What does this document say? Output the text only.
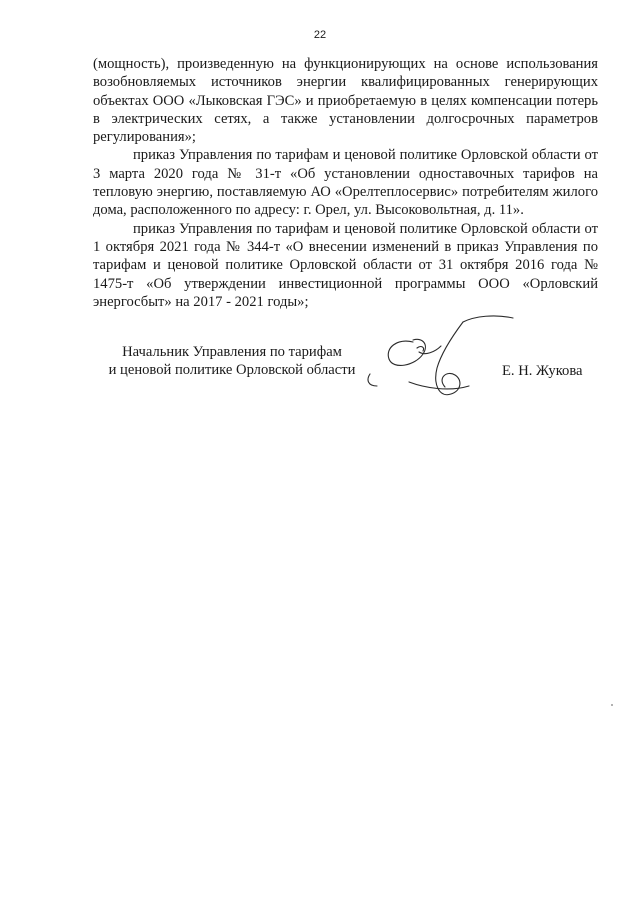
22

(мощность), произведенную на функционирующих на основе использования возобновляемых источников энергии квалифицированных генерирующих объектах ООО «Лыковская ГЭС» и приобретаемую в целях компенсации потерь в электрических сетях, а также установлении долгосрочных параметров регулирования»;

приказ Управления по тарифам и ценовой политике Орловской области от 3 марта 2020 года № 31-т «Об установлении одноставочных тарифов на тепловую энергию, поставляемую АО «Орелтеплосервис» потребителям жилого дома, расположенного по адресу: г. Орел, ул. Высоковольтная, д. 11».

приказ Управления по тарифам и ценовой политике Орловской области от 1 октября 2021 года № 344-т «О внесении изменений в приказ Управления по тарифам и ценовой политике Орловской области от 31 октября 2016 года № 1475-т «Об утверждении инвестиционной программы ООО «Орловский энергосбыт» на 2017 - 2021 годы»;

Начальник Управления по тарифам
и ценовой политике Орловской области	Е. Н. Жукова
